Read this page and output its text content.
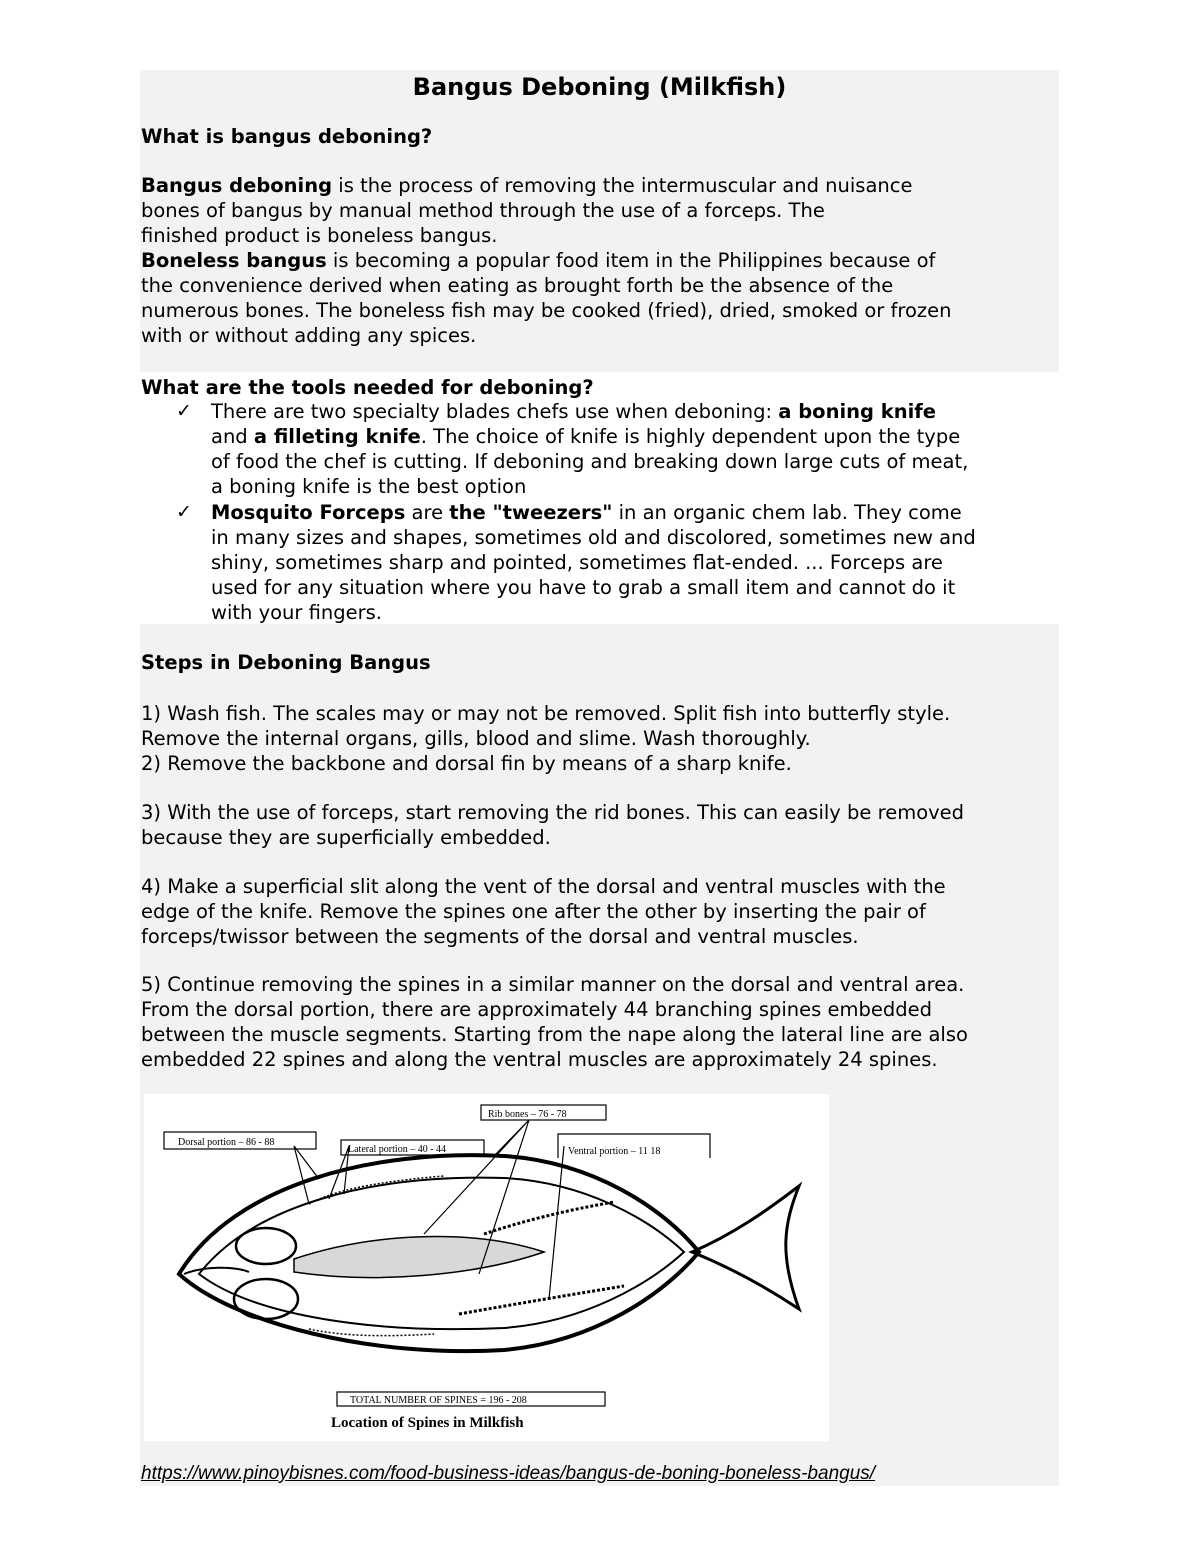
Bangus Deboning (Milkfish)
What is bangus deboning?

Bangus deboning is the process of removing the intermuscular and nuisance
bones of bangus by manual method through the use of a forceps. The
finished product is boneless bangus.
Boneless bangus is becoming a popular food item in the Philippines because of
the convenience derived when eating as brought forth be the absence of the
numerous bones. The boneless fish may be cooked (fried), dried, smoked or frozen
with or without adding any spices.

What are the tools needed for deboning?
✓ There are two specialty blades chefs use when deboning: a boning knife
and a filleting knife. The choice of knife is highly dependent upon the type
of food the chef is cutting. If deboning and breaking down large cuts of meat,
a boning knife is the best option

✓ Mosquito Forceps are the "tweezers" in an organic chem lab. They come
in many sizes and shapes, sometimes old and discolored, sometimes new and
shiny, sometimes sharp and pointed, sometimes flat-ended. ... Forceps are
used for any situation where you have to grab a small item and cannot do it
with your fingers.

Steps in Deboning Bangus

1) Wash fish. The scales may or may not be removed. Split fish into butterfly style.
Remove the internal organs, gills, blood and slime. Wash thoroughly.
2) Remove the backbone and dorsal fin by means of a sharp knife.

3) With the use of forceps, start removing the rid bones. This can easily be removed
because they are superficially embedded.

4) Make a superficial slit along the vent of the dorsal and ventral muscles with the
edge of the knife. Remove the spines one after the other by inserting the pair of
forceps/twissor between the segments of the dorsal and ventral muscles.

5) Continue removing the spines in a similar manner on the dorsal and ventral area.
From the dorsal portion, there are approximately 44 branching spines embedded
between the muscle segments. Starting from the nape along the lateral line are also
embedded 22 spines and along the ventral muscles are approximately 24 spines.

Dorsal portion – 86 - 88
Lateral portion – 40 - 44
Rib bones – 76 - 78
Ventral portion – 11 18
TOTAL NUMBER OF SPINES = 196 - 208
Location of Spines in Milkfish
https://www.pinoybisnes.com/food-business-ideas/bangus-de-boning-boneless-bangus/
